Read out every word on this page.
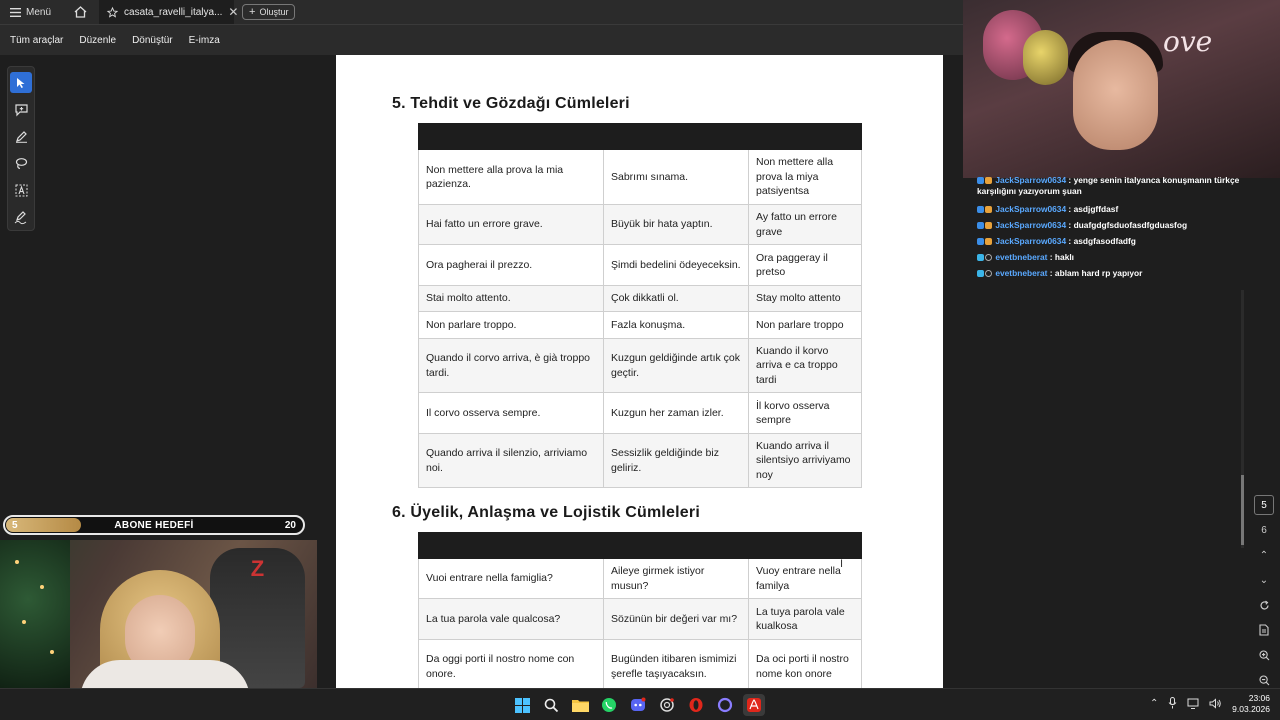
Menü	casata_ravelli_italya... ✕ + Oluştur
Tüm araçlar Düzenle Dönüştür E-imza
5. Tehdit ve Gözdağı Cümleleri

Non mettere alla prova la mia pazienza.	Sabrımı sınama.	Non mettere alla prova la miya patsiyentsa
Hai fatto un errore grave.	Büyük bir hata yaptın.	Ay fatto un errore grave
Ora pagherai il prezzo.	Şimdi bedelini ödeyeceksin.	Ora paggeray il pretso
Stai molto attento.	Çok dikkatli ol.	Stay molto attento
Non parlare troppo.	Fazla konuşma.	Non parlare troppo
Quando il corvo arriva, è già troppo tardi.	Kuzgun geldiğinde artık çok geçtir.	Kuando il korvo arriva e ca troppo tardi
Il corvo osserva sempre.	Kuzgun her zaman izler.	İl korvo osserva sempre
Quando arriva il silenzio, arriviamo noi.	Sessizlik geldiğinde biz geliriz.	Kuando arriva il silentsiyo arriviyamo noy
6. Üyelik, Anlaşma ve Lojistik Cümleleri

Vuoi entrare nella famiglia?	Aileye girmek istiyor musun?	Vuoy entrare nella familya
La tua parola vale qualcosa?	Sözünün bir değeri var mı?	La tuya parola vale kualkosa
Da oggi porti il nostro nome con onore.	Bugünden itibaren ismimizi şerefle taşıyacaksın.	Da oci porti il nostro nome kon onore
I
ove
JackSparrow0634 : yenge senin italyanca konuşmanın türkçe karşılığını yazıyorum şuan
JackSparrow0634 : asdjgffdasf
JackSparrow0634 : duafgdgfsduofasdfgduasfog
JackSparrow0634 : asdgfasodfadfg
evetbneberat : haklı
evetbneberat : ablam hard rp yapıyor
5
6
⌃
⌄
5	ABONE HEDEFİ	20
Z
⌃	23:06
9.03.2026
